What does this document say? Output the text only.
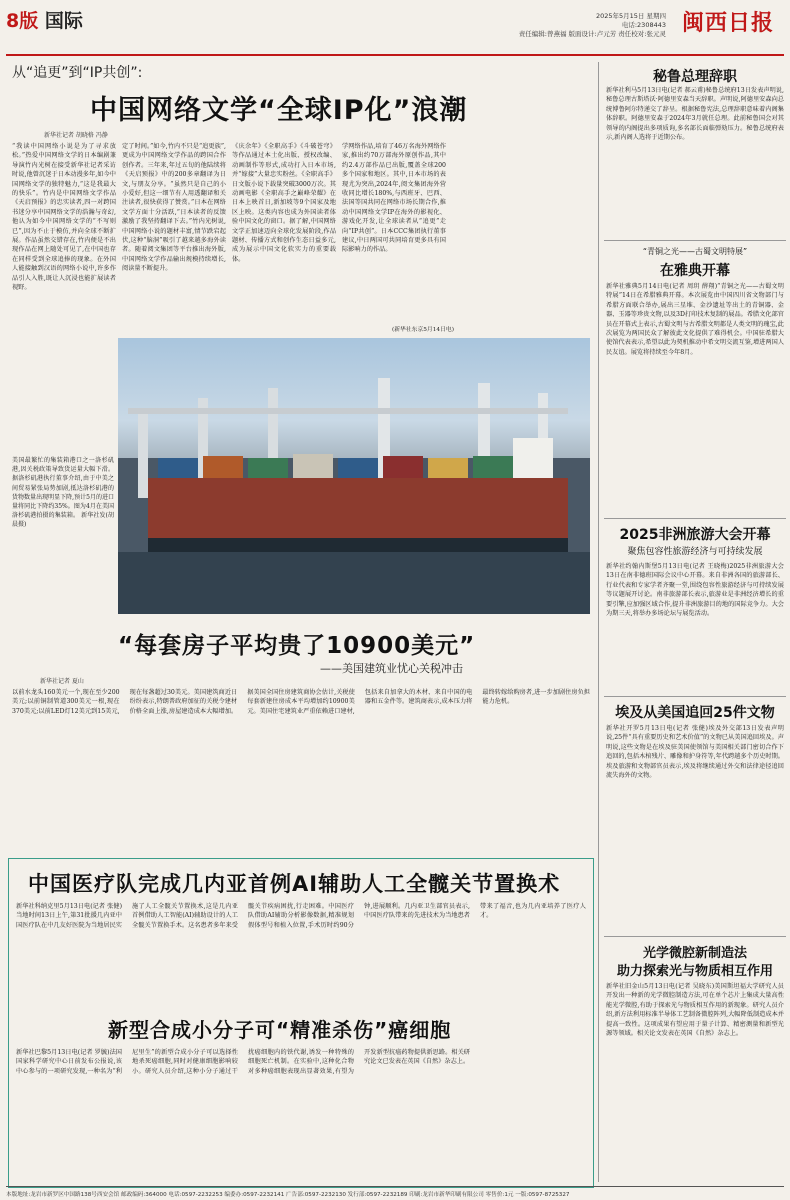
8版 国际	2025年5月15日 星期四
电话:2308443
责任编辑:曾燕福 版面设计:卢元芳 责任校对:张元灵 闽西日报
从“追更”到“IP共创”:
中国网络文学“全球IP化”浪潮
新华社记者 胡晓格 冯静
“我读中国网络小说是为了寻求放松。”热爱中国网络文学的日本编剧兼导演竹内光树在接受新华社记者采访时说,他曾沉迷于日本动漫多年,如今中国网络文学的独特魅力,“这是我最大的快乐”。竹内是中国网络文学作品《天启预报》的忠实读者,四一对跨国书迷分享中国网络文学的浩瀚与奇幻,他认为如今中国网络文学的“不写则已”,因为不止于模仿,并向全球不断扩展。作品虽然交错存在,竹内便是不出现作品在网上随处可见了,在中国也存在同样受到全球追捧的现象。在外国人能接触到汉语的网络小说中,许多作品引人入胜,既让人沉浸也能扩展读者视野。
定了时间。”如今,竹内不只是“追更族”,更成为中国网络文学作品的跨国合作创作者。三年来,年过五旬的他陆续将《天启预报》中的200多章翻译为日文,与朋友分享。“虽然只是自己的小小爱好,但这一细节有人用透翻译和关注读者,很快获得了赞赏。”日本在网络文学方面十分活跃,“日本读者的反馈激励了我坚持翻译下去。”竹内光树说,中国网络小说的题材丰富,情节跌宕起伏,这种“脑洞”吸引了越来越多海外读者。随着阅文集团等平台推出海外版,中国网络文学作品输出规模持续增长,阅读量不断提升。
《庆余年》《全职高手》《斗破苍穹》等作品通过本土化出版、授权改编、动画制作等形式,成功打入日本市场,并“嫁接”大量忠实粉丝。《全职高手》日文版小说下载量突破3000万次。其动画电影《全职高手之巅峰荣耀》在日本上映首日,新加坡等9个国家及地区上映。这类内容也成为外国读者体验中国文化的窗口。据了解,中国网络文学正加速迈向全球化发展阶段,作品题材、传播方式和创作生态日益多元,成为展示中国文化软实力的重要载体。
学网络作品,培育了46万名海外网络作家,推出约70万部海外原创作品,其中约2.4万部作品已出版,覆盖全球200多个国家和地区。其中,日本市场的表现尤为突出,2024年,阅文集团海外营收同比增长180%,与西班牙、巴西、法国等国共同在网络市场长期合作,推动中国网络文学IP在海外的影视化、游戏化开发,让全球读者从“追更”走向“IP共创”。日本CCC集团执行董事建议,中日两国可共同培育更多具有国际影响力的作品。
(新华社东京5月14日电)
美国最繁忙的集装箱港口之一洛杉矶港,因关税政策导致货运量大幅下滑。据洛杉矶港执行董事介绍,由于中美之间贸易紧张局势加剧,抵达洛杉矶港的货物数量出现明显下降,预计5月的进口量将同比下降约35%。图为4月在美国洛杉矶港拍摄的集装箱。 新华社发(胡晨摄)
“每套房子平均贵了10900美元”
——美国建筑业忧心关税冲击
新华社记者 夏山
以前水龙头160美元一个,现在至少200美元;以前铜制管道300美元一根,现在370美元;以前LED灯12美元到15美元,现在每盏超过30美元。美国建筑商近日纷纷表示,特朗普政府加征的关税令建材价格全面上涨,房屋建造成本大幅增加。据美国全国住房建筑商协会估计,关税使每套新建住房成本平均增加约10900美元。美国住宅建筑业严重依赖进口建材,包括来自加拿大的木材、来自中国的电器和五金件等。建筑商表示,成本压力将最终转嫁给购房者,进一步加剧住房负担能力危机。
中国医疗队完成几内亚首例AI辅助人工全髋关节置换术
新华社科纳克里5月13日电(记者 张健)当地时间13日上午,第31批援几内亚中国医疗队在中几友好医院为当地居民实施了人工全髋关节置换术,这是几内亚首例借助人工智能(AI)辅助设计的人工全髋关节置换手术。这名患者多年来受髋关节疾病困扰,行走困难。中国医疗队借助AI辅助分析影像数据,精准规划假体型号和植入位置,手术历时约90分钟,进展顺利。几内亚卫生部官员表示,中国医疗队带来的先进技术为当地患者带来了福音,也为几内亚培养了医疗人才。
新型合成小分子可“精准杀伤”癌细胞
新华社巴黎5月13日电(记者 罗毓)法国国家科学研究中心日前发布公报说,该中心参与的一项研究发现,一种名为“利尼里生”的新型合成小分子可以选择性地杀死癌细胞,同时对健康细胞影响较小。研究人员介绍,这种小分子通过干扰癌细胞内的铁代谢,诱发一种特殊的细胞死亡机制。在实验中,这种化合物对多种癌细胞表现出显著效果,有望为开发新型抗癌药物提供新思路。相关研究论文已发表在英国《自然》杂志上。
秘鲁总理辞职
新华社利马5月13日电(记者 郝云甫)秘鲁总统府13日发表声明说,秘鲁总理古斯塔沃·阿德里安森当天辞职。声明说,阿德里安森向总统博鲁阿尔特递交了辞呈。根据秘鲁宪法,总理辞职意味着内阁集体辞职。阿德里安森于2024年3月就任总理。此前秘鲁国会对其领导的内阁提出多项质询,多名部长面临弹劾压力。秘鲁总统府表示,新内阁人选将于近期公布。
“青铜之光——古蜀文明特展”
在雅典开幕
新华社雅典5月14日电(记者 周玥 薛翔)“青铜之光——古蜀文明特展”14日在希腊雅典开幕。本次展览由中国四川省文物部门与希腊方面联合举办,展出三星堆、金沙遗址等出土的青铜器、金器、玉器等珍贵文物,以及3D打印技术复制的展品。希腊文化部官员在开幕式上表示,古蜀文明与古希腊文明都是人类文明的瑰宝,此次展览为两国民众了解彼此文化提供了难得机会。中国驻希腊大使馆代表表示,希望以此为契机推动中希文明交流互鉴,增进两国人民友谊。展览将持续至今年8月。
2025非洲旅游大会开幕
聚焦包容性旅游经济与可持续发展
新华社约翰内斯堡5月13日电(记者 王晓梅)2025非洲旅游大会13日在南非德班国际会议中心开幕。来自非洲各国的旅游部长、行业代表和专家学者齐聚一堂,围绕包容性旅游经济与可持续发展等议题展开讨论。南非旅游部长表示,旅游业是非洲经济增长的重要引擎,应加强区域合作,提升非洲旅游目的地的国际竞争力。大会为期三天,将举办多场论坛与展览活动。
埃及从美国追回25件文物
新华社开罗5月13日电(记者 张健)埃及外交部13日发表声明说,25件“具有重要历史和艺术价值”的文物已从美国追回埃及。声明说,这些文物是在埃及驻美国使领馆与美国相关部门密切合作下追回的,包括木棺残片、雕像和护身符等,年代跨越多个历史时期。埃及旅游和文物部官员表示,埃及将继续通过外交和法律途径追回流失海外的文物。
光学微腔新制造法
助力探索光与物质相互作用
新华社旧金山5月13日电(记者 吴晓东)美国斯坦福大学研究人员开发出一种新的光学微腔制造方法,可在单个芯片上集成大量高性能光学微腔,有助于探索光与物质相互作用的新现象。研究人员介绍,新方法利用标准半导体工艺制备微腔阵列,大幅降低制造成本并提高一致性。这项成果有望应用于量子计算、精密测量和新型光源等领域。相关论文发表在英国《自然》杂志上。
本版地址:龙岩市新罗区中国路138号西安会馆 邮政编码:364000 电话:0597-2232253 编委办:0597-2232141 广告部:0597-2232130 发行部:0597-2232189 印刷:龙岩市新华印刷有限公司 零售价:1元 一版:0597-8725327
